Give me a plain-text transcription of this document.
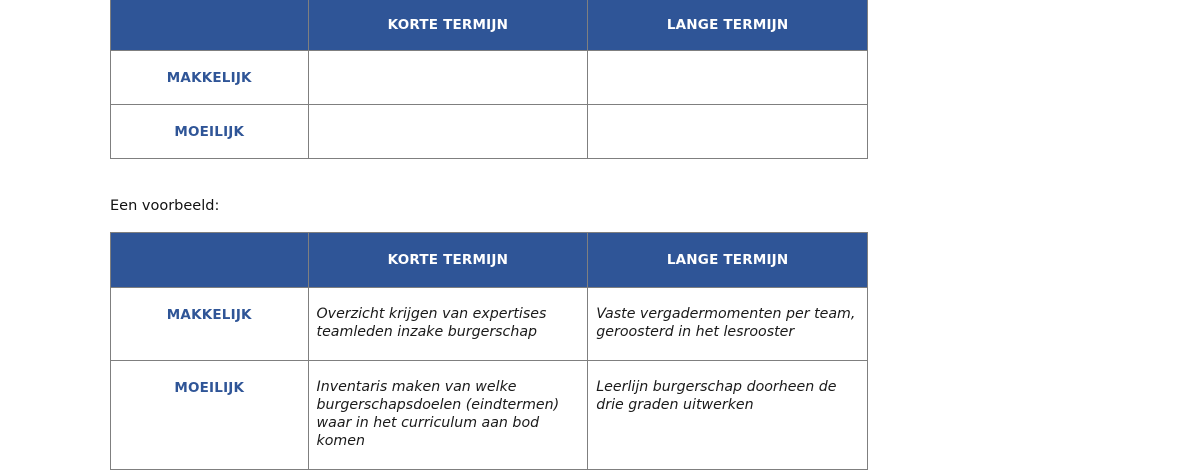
	KORTE TERMIJN	LANGE TERMIJN
MAKKELIJK		
MOEILIJK		
Een voorbeeld:
	KORTE TERMIJN	LANGE TERMIJN
MAKKELIJK	Overzicht krijgen van expertises teamleden inzake burgerschap	Vaste vergadermomenten per team, geroosterd in het lesrooster
MOEILIJK	Inventaris maken van welke burgerschapsdoelen (eindtermen) waar in het curriculum aan bod komen	Leerlijn burgerschap doorheen de drie graden uitwerken
